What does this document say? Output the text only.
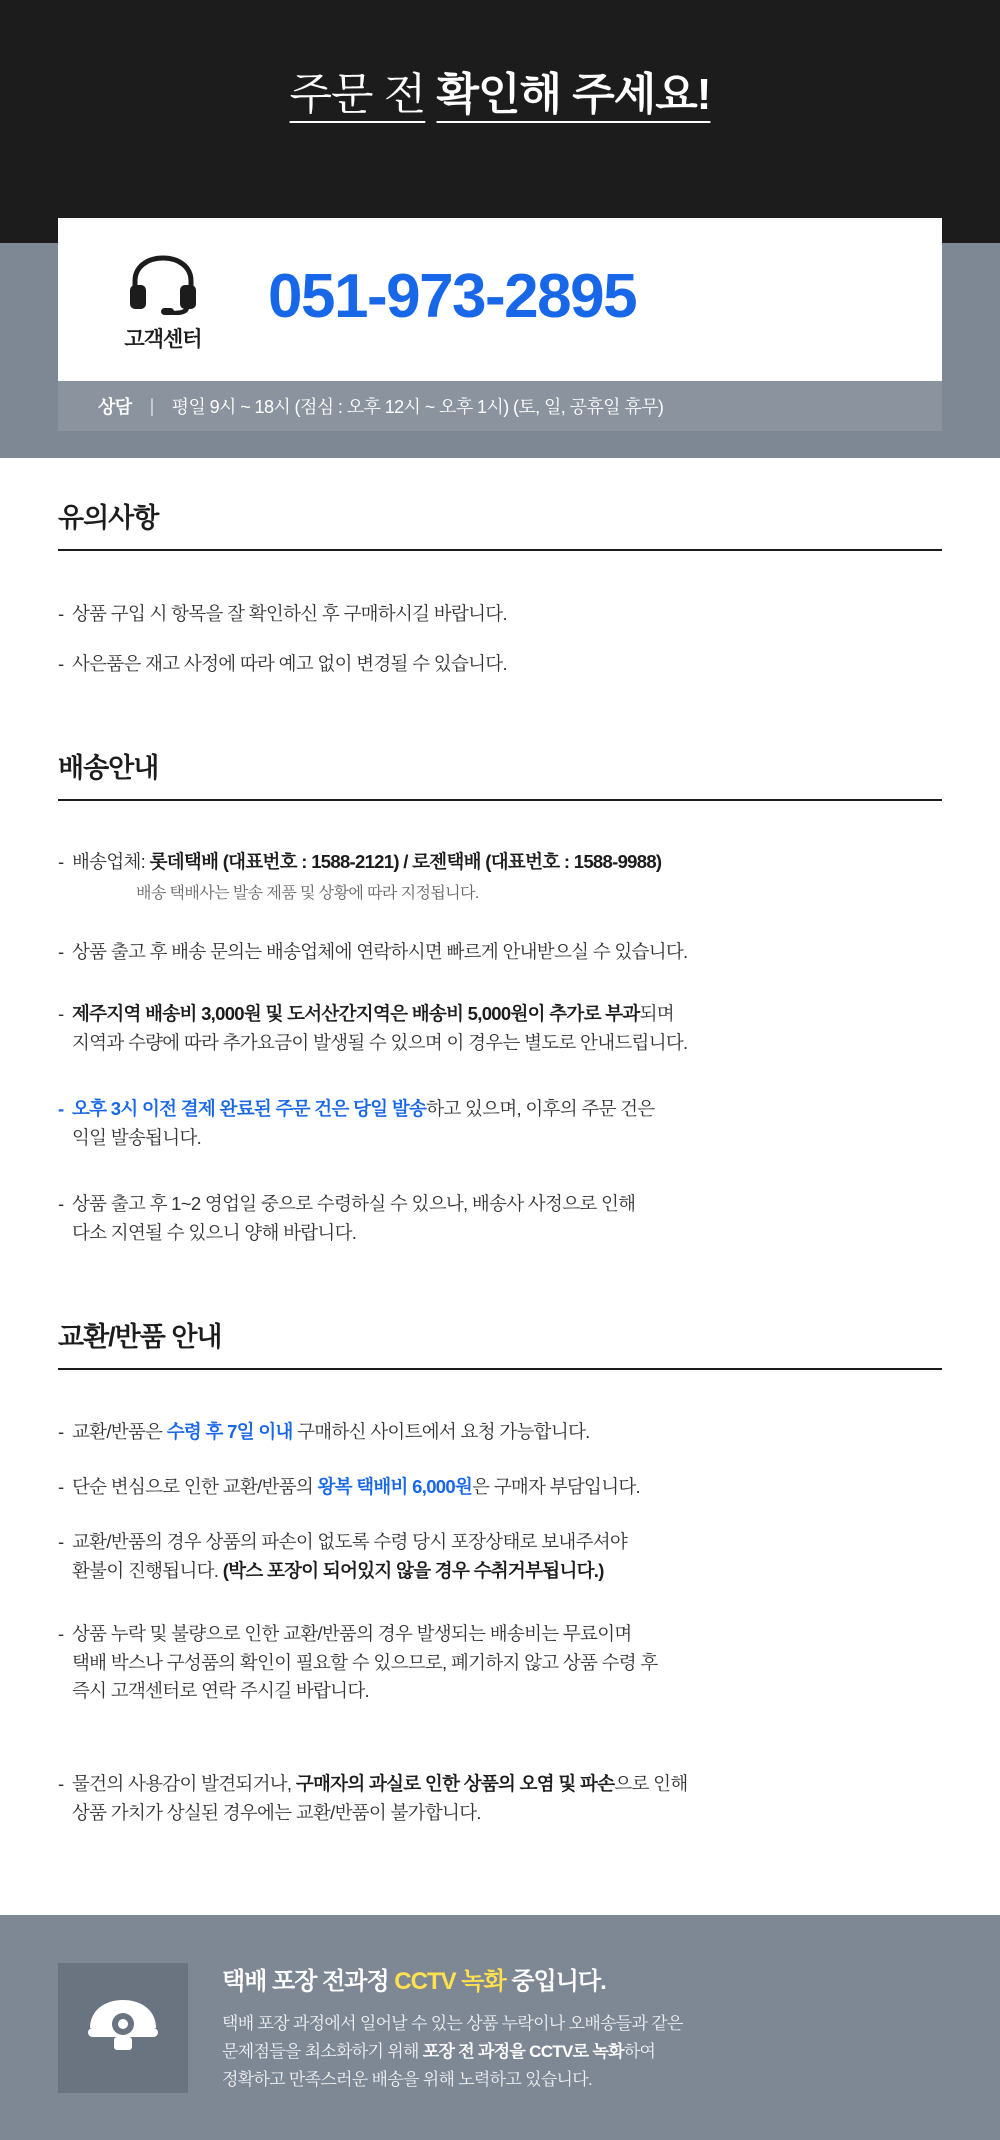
주문 전 확인해 주세요!
고객센터
051-973-2895
상담 | 평일 9시 ~ 18시 (점심 : 오후 12시 ~ 오후 1시) (토, 일, 공휴일 휴무)
유의사항
- 상품 구입 시 항목을 잘 확인하신 후 구매하시길 바랍니다.
- 사은품은 재고 사정에 따라 예고 없이 변경될 수 있습니다.
배송안내
- 배송업체: 롯데택배 (대표번호 : 1588-2121) / 로젠택배 (대표번호 : 1588-9988)
배송 택배사는 발송 제품 및 상황에 따라 지정됩니다.
- 상품 출고 후 배송 문의는 배송업체에 연락하시면 빠르게 안내받으실 수 있습니다.
- 제주지역 배송비 3,000원 및 도서산간지역은 배송비 5,000원이 추가로 부과되며
지역과 수량에 따라 추가요금이 발생될 수 있으며 이 경우는 별도로 안내드립니다.
- 오후 3시 이전 결제 완료된 주문 건은 당일 발송하고 있으며, 이후의 주문 건은
익일 발송됩니다.
- 상품 출고 후 1~2 영업일 중으로 수령하실 수 있으나, 배송사 사정으로 인해
다소 지연될 수 있으니 양해 바랍니다.
교환/반품 안내
- 교환/반품은 수령 후 7일 이내 구매하신 사이트에서 요청 가능합니다.
- 단순 변심으로 인한 교환/반품의 왕복 택배비 6,000원은 구매자 부담입니다.
- 교환/반품의 경우 상품의 파손이 없도록 수령 당시 포장상태로 보내주셔야
환불이 진행됩니다. (박스 포장이 되어있지 않을 경우 수취거부됩니다.)
- 상품 누락 및 불량으로 인한 교환/반품의 경우 발생되는 배송비는 무료이며
택배 박스나 구성품의 확인이 필요할 수 있으므로, 폐기하지 않고 상품 수령 후
즉시 고객센터로 연락 주시길 바랍니다.
- 물건의 사용감이 발견되거나, 구매자의 과실로 인한 상품의 오염 및 파손으로 인해
상품 가치가 상실된 경우에는 교환/반품이 불가합니다.
택배 포장 전과정 CCTV 녹화 중입니다.
택배 포장 과정에서 일어날 수 있는 상품 누락이나 오배송들과 같은
문제점들을 최소화하기 위해 포장 전 과정을 CCTV로 녹화하여
정확하고 만족스러운 배송을 위해 노력하고 있습니다.
